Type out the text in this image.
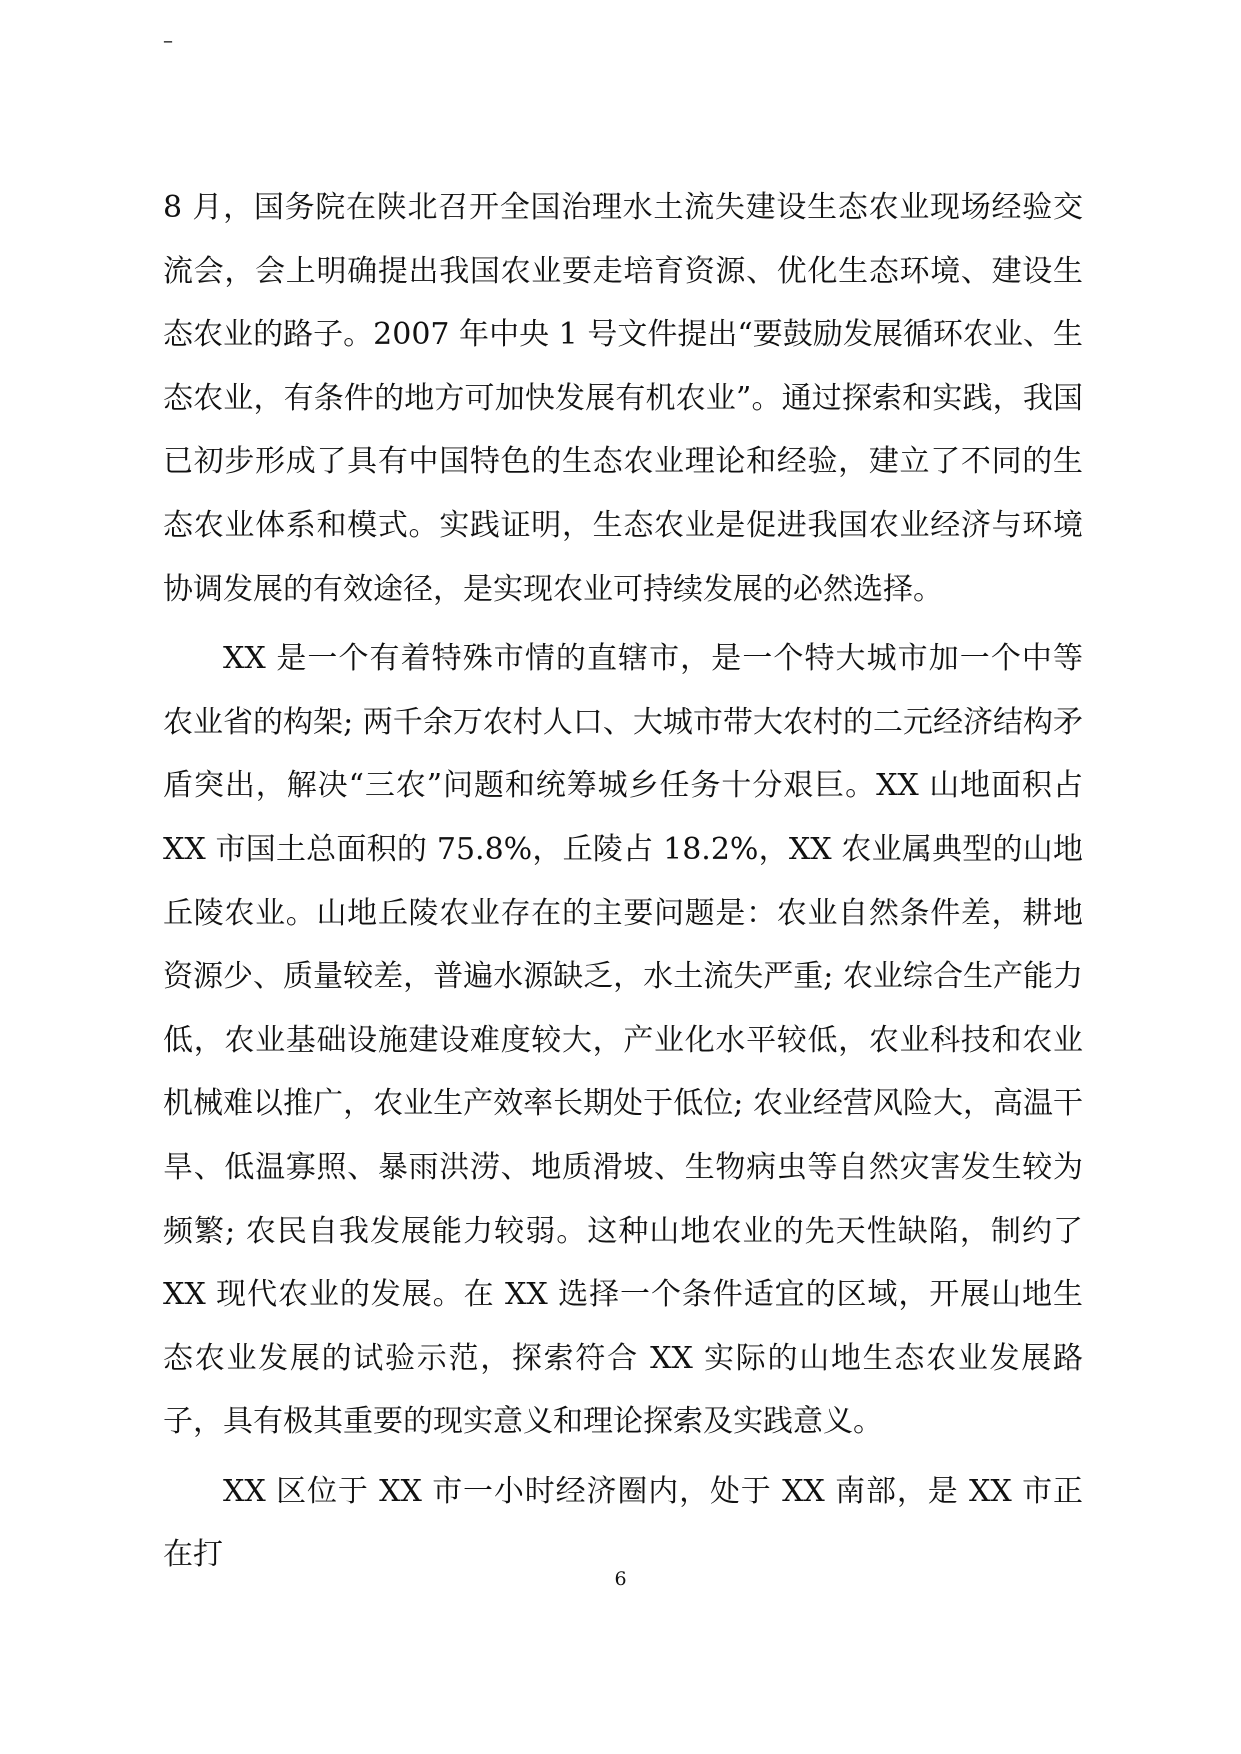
–

8 月，国务院在陕北召开全国治理水土流失建设生态农业现场经验交流会，会上明确提出我国农业要走培育资源、优化生态环境、建设生态农业的路子。2007 年中央 1 号文件提出“要鼓励发展循环农业、生态农业，有条件的地方可加快发展有机农业”。通过探索和实践，我国已初步形成了具有中国特色的生态农业理论和经验，建立了不同的生态农业体系和模式。实践证明，生态农业是促进我国农业经济与环境协调发展的有效途径，是实现农业可持续发展的必然选择。

XX 是一个有着特殊市情的直辖市，是一个特大城市加一个中等农业省的构架; 两千余万农村人口、大城市带大农村的二元经济结构矛盾突出，解决“三农”问题和统筹城乡任务十分艰巨。XX 山地面积占 XX 市国土总面积的 75.8%，丘陵占 18.2%，XX 农业属典型的山地丘陵农业。山地丘陵农业存在的主要问题是：农业自然条件差，耕地资源少、质量较差，普遍水源缺乏，水土流失严重; 农业综合生产能力低，农业基础设施建设难度较大，产业化水平较低，农业科技和农业机械难以推广，农业生产效率长期处于低位; 农业经营风险大，高温干旱、低温寡照、暴雨洪涝、地质滑坡、生物病虫等自然灾害发生较为频繁; 农民自我发展能力较弱。这种山地农业的先天性缺陷，制约了 XX 现代农业的发展。在 XX 选择一个条件适宜的区域，开展山地生态农业发展的试验示范，探索符合 XX 实际的山地生态农业发展路子，具有极其重要的现实意义和理论探索及实践意义。

XX 区位于 XX 市一小时经济圈内，处于 XX 南部，是 XX 市正在打

6
